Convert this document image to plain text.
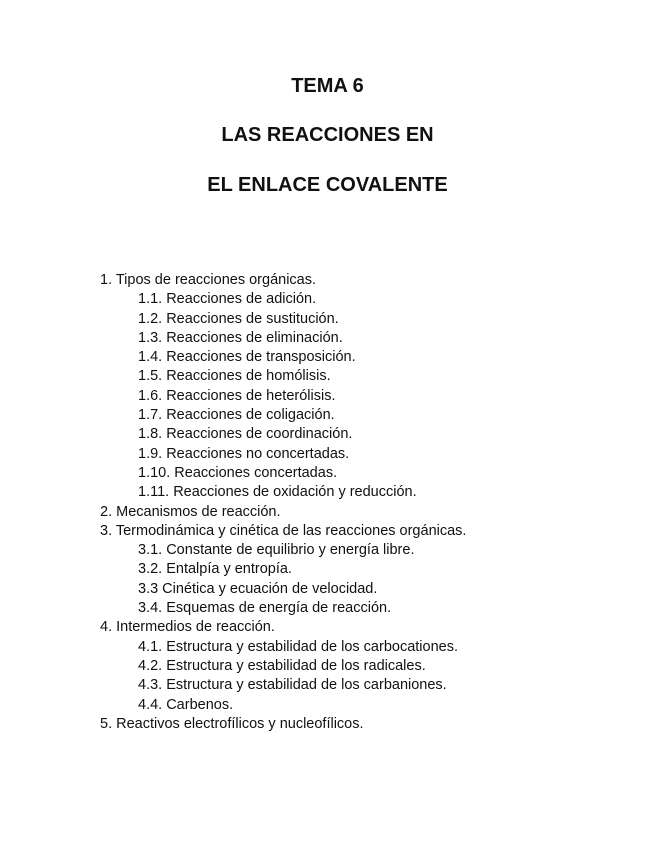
TEMA 6
LAS REACCIONES EN
EL ENLACE COVALENTE
1. Tipos de reacciones orgánicas.
1.1. Reacciones de adición.
1.2. Reacciones de sustitución.
1.3. Reacciones de eliminación.
1.4. Reacciones de transposición.
1.5. Reacciones de homólisis.
1.6. Reacciones de heterólisis.
1.7. Reacciones de coligación.
1.8. Reacciones de coordinación.
1.9. Reacciones no concertadas.
1.10. Reacciones concertadas.
1.11. Reacciones de oxidación y reducción.
2. Mecanismos de reacción.
3. Termodinámica y cinética de las reacciones orgánicas.
3.1. Constante de equilibrio y energía libre.
3.2. Entalpía y entropía.
3.3 Cinética y ecuación de velocidad.
3.4. Esquemas de energía de reacción.
4. Intermedios de reacción.
4.1. Estructura y estabilidad de los carbocationes.
4.2. Estructura y estabilidad de los radicales.
4.3. Estructura y estabilidad de los carbaniones.
4.4. Carbenos.
5. Reactivos electrofílicos y nucleofílicos.
